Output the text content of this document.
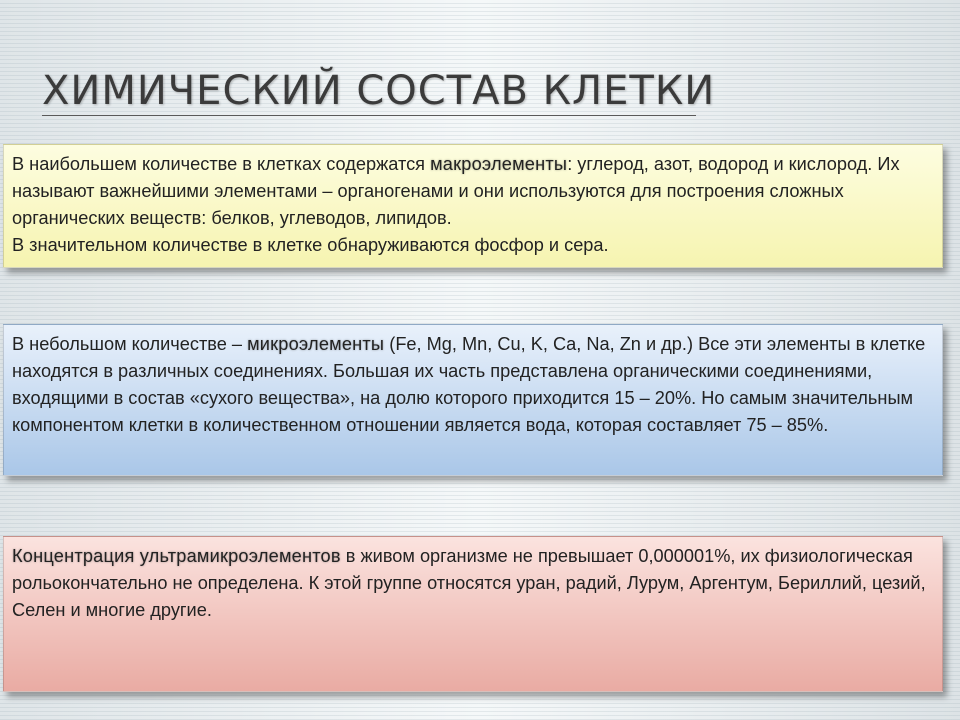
ХИМИЧЕСКИЙ СОСТАВ КЛЕТКИ

В наибольшем количестве в клетках содержатся макроэлементы: углерод, азот, водород и кислород. Их называют важнейшими элементами – органогенами и они используются для построения сложных органических веществ: белков, углеводов, липидов.

В значительном количестве в клетке обнаруживаются фосфор и сера.

В небольшом количестве – микроэлементы (Fe, Mg, Mn, Cu, K, Ca, Na, Zn и др.) Все эти элементы в клетке находятся в различных соединениях. Большая их часть представлена органическими соединениями, входящими в состав «сухого вещества», на долю которого приходится 15 – 20%. Но самым значительным компонентом клетки в количественном отношении является вода, которая составляет 75 – 85%.

Концентрация ультрамикроэлементов в живом организме не превышает 0,000001%, их физиологическая рольокончательно не определена. К этой группе относятся уран, радий, Лурум, Аргентум, Бериллий, цезий, Селен и многие другие.
